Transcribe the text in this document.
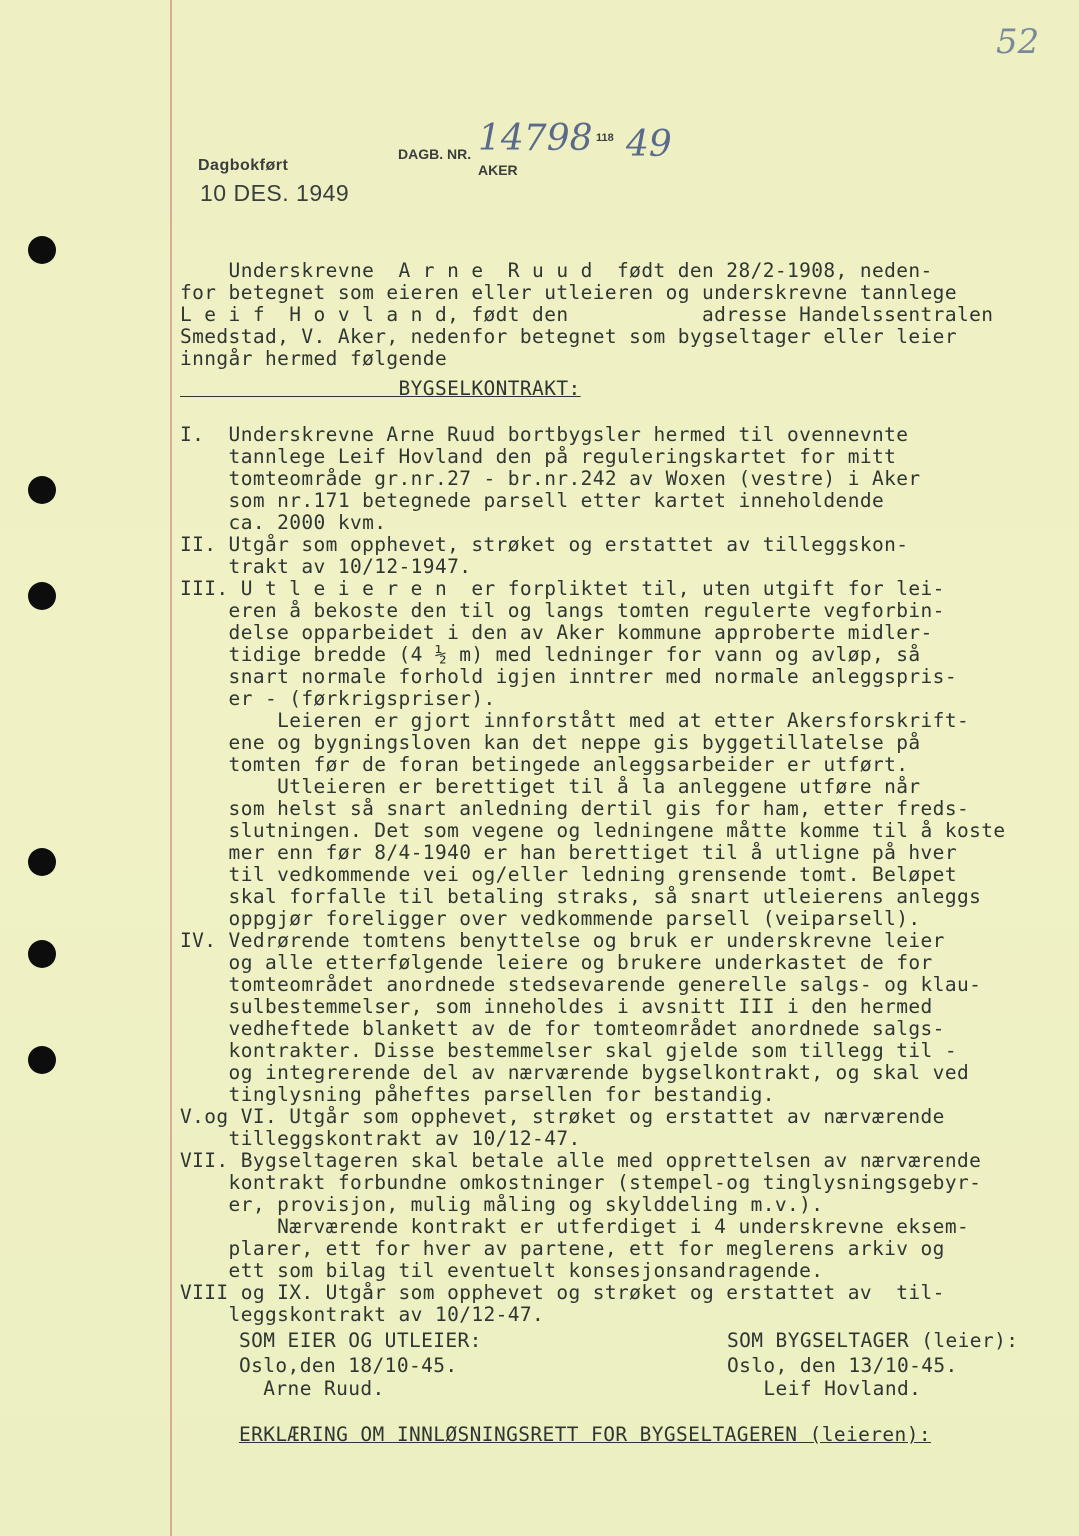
52
DAGB. NR. 14798 118 49
AKER
Dagbokført
10 DES. 1949
Underskrevne  A r n e  R u u d  født den 28/2-1908, neden-
for betegnet som eieren eller utleieren og underskrevne tannlege
L e i f  H o v l a n d, født den           adresse Handelssentralen
Smedstad, V. Aker, nedenfor betegnet som bygseltager eller leier
inngår hermed følgende
BYGSELKONTRAKT:
I.  Underskrevne Arne Ruud bortbygsler hermed til ovennevnte
tannlege Leif Hovland den på reguleringskartet for mitt
tomteområde gr.nr.27 - br.nr.242 av Woxen (vestre) i Aker
som nr.171 betegnede parsell etter kartet inneholdende
ca. 2000 kvm.
II. Utgår som opphevet, strøket og erstattet av tilleggskon-
trakt av 10/12-1947.
III. U t l e i e r e n  er forpliktet til, uten utgift for lei-
eren å bekoste den til og langs tomten regulerte vegforbin-
delse opparbeidet i den av Aker kommune approberte midler-
tidige bredde (4 ½ m) med ledninger for vann og avløp, så
snart normale forhold igjen inntrer med normale anleggspris-
er - (førkrigspriser).
Leieren er gjort innforstått med at etter Akersforskrift-
ene og bygningsloven kan det neppe gis byggetillatelse på
tomten før de foran betingede anleggsarbeider er utført.
Utleieren er berettiget til å la anleggene utføre når
som helst så snart anledning dertil gis for ham, etter freds-
slutningen. Det som vegene og ledningene måtte komme til å koste
mer enn før 8/4-1940 er han berettiget til å utligne på hver
til vedkommende vei og/eller ledning grensende tomt. Beløpet
skal forfalle til betaling straks, så snart utleierens anleggs
oppgjør foreligger over vedkommende parsell (veiparsell).
IV. Vedrørende tomtens benyttelse og bruk er underskrevne leier
og alle etterfølgende leiere og brukere underkastet de for
tomteområdet anordnede stedsevarende generelle salgs- og klau-
sulbestemmelser, som inneholdes i avsnitt III i den hermed
vedheftede blankett av de for tomteområdet anordnede salgs-
kontrakter. Disse bestemmelser skal gjelde som tillegg til -
og integrerende del av nærværende bygselkontrakt, og skal ved
tinglysning påheftes parsellen for bestandig.
V.og VI. Utgår som opphevet, strøket og erstattet av nærværende
tilleggskontrakt av 10/12-47.
VII. Bygseltageren skal betale alle med opprettelsen av nærværende
kontrakt forbundne omkostninger (stempel-og tinglysningsgebyr-
er, provisjon, mulig måling og skylddeling m.v.).
Nærværende kontrakt er utferdiget i 4 underskrevne eksem-
plarer, ett for hver av partene, ett for meglerens arkiv og
ett som bilag til eventuelt konsesjonsandragende.
VIII og IX. Utgår som opphevet og strøket og erstattet av  til-
leggskontrakt av 10/12-47.
SOM EIER OG UTLEIER:
Oslo,den 18/10-45.
Arne Ruud.
SOM BYGSELTAGER (leier):
Oslo, den 13/10-45.
Leif Hovland.
ERKLÆRING OM INNLØSNINGSRETT FOR BYGSELTAGEREN (leieren):
